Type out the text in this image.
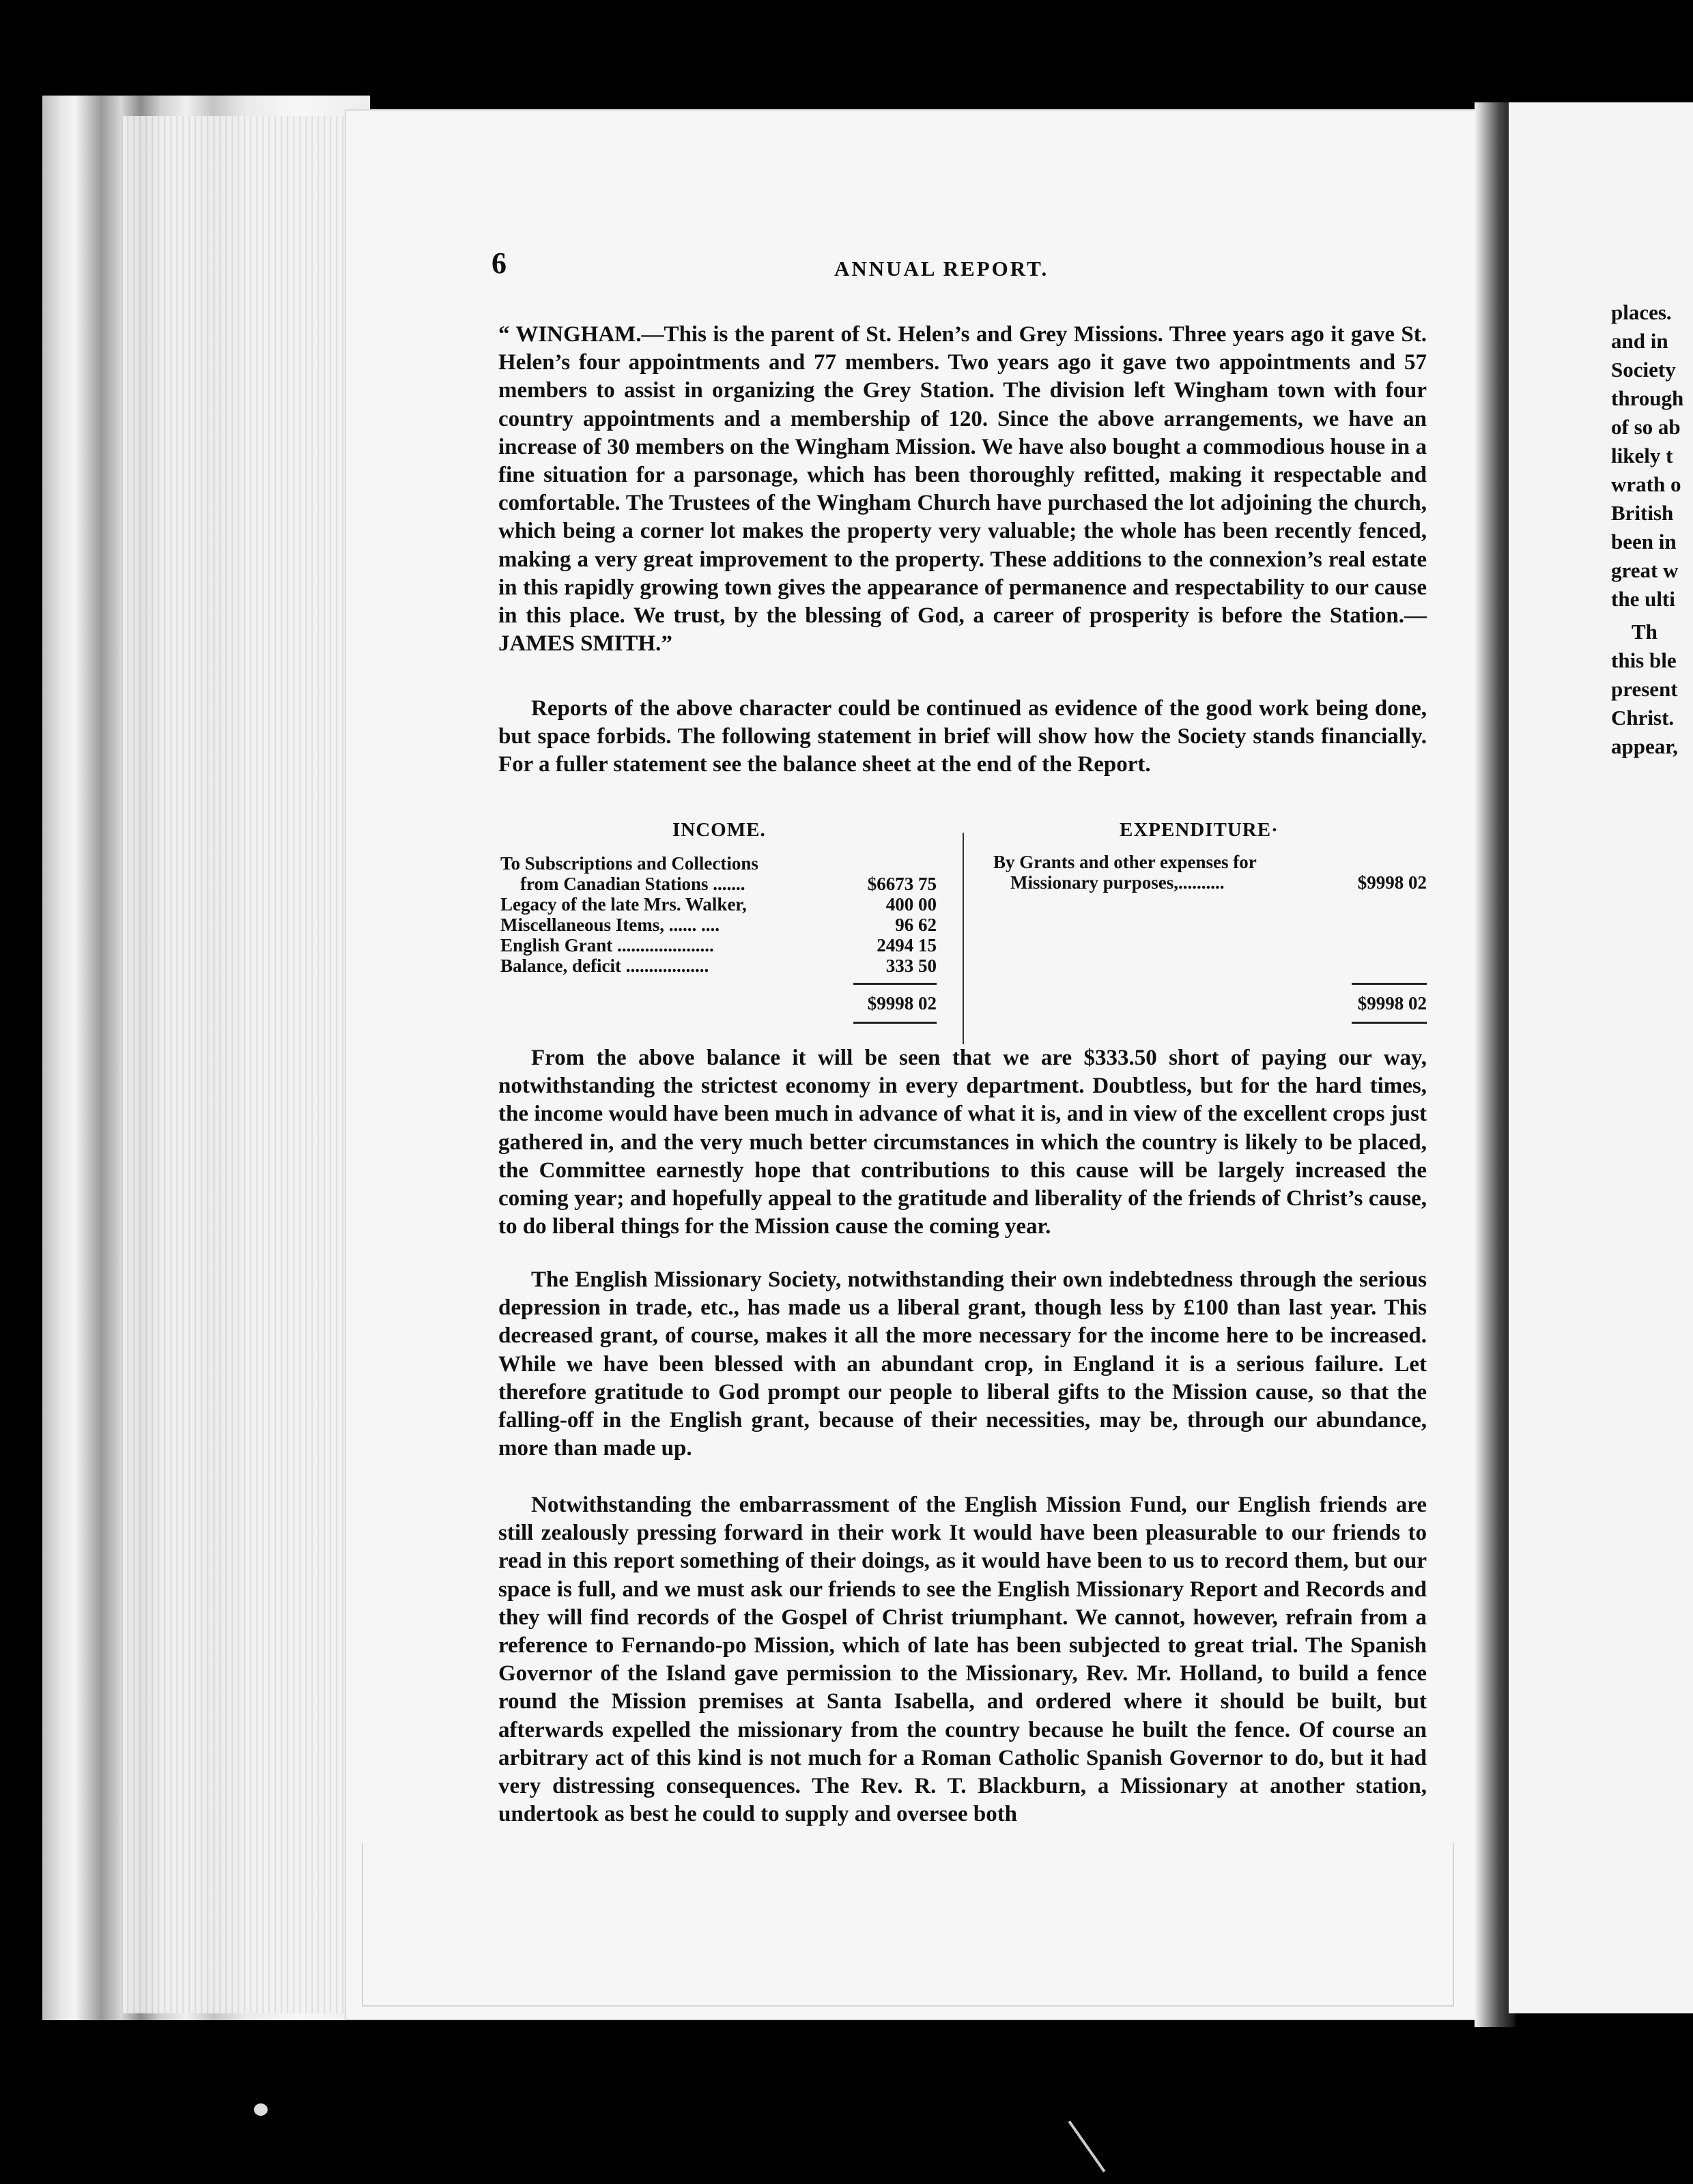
places.
and in
Society
through
of so ab
likely t
wrath o
British
been in
great w
the ulti
Th
this ble
present
Christ.
appear,
6	ANNUAL REPORT.
“ WINGHAM.—This is the parent of St. Helen’s and Grey Missions. Three years ago it gave St. Helen’s four appointments and 77 members. Two years ago it gave two appointments and 57 members to assist in organizing the Grey Station. The division left Wingham town with four country appointments and a membership of 120. Since the above arrangements, we have an increase of 30 members on the Wingham Mission. We have also bought a commodious house in a fine situation for a parsonage, which has been thoroughly refitted, making it respectable and comfortable. The Trustees of the Wingham Church have purchased the lot adjoining the church, which being a corner lot makes the property very valuable; the whole has been recently fenced, making a very great improvement to the property. These additions to the connexion’s real estate in this rapidly growing town gives the appearance of permanence and respectability to our cause in this place. We trust, by the blessing of God, a career of prosperity is before the Station.—JAMES SMITH.”
Reports of the above character could be continued as evidence of the good work being done, but space forbids. The following statement in brief will show how the Society stands financially. For a fuller statement see the balance sheet at the end of the Report.
INCOME.	EXPENDITURE·
To Subscriptions and Collections
from Canadian Stations .......	$6673 75
Legacy of the late Mrs. Walker,	400 00
Miscellaneous Items, ...... ....	96 62
English Grant .....................	2494 15
Balance, deficit ..................	333 50
$9998 02
By Grants and other expenses for
Missionary purposes,..........	$9998 02
$9998 02
From the above balance it will be seen that we are $333.50 short of paying our way, notwithstanding the strictest economy in every department. Doubtless, but for the hard times, the income would have been much in advance of what it is, and in view of the excellent crops just gathered in, and the very much better circumstances in which the country is likely to be placed, the Committee earnestly hope that contributions to this cause will be largely increased the coming year; and hopefully appeal to the gratitude and liberality of the friends of Christ’s cause, to do liberal things for the Mission cause the coming year.
The English Missionary Society, notwithstanding their own indebtedness through the serious depression in trade, etc., has made us a liberal grant, though less by £100 than last year. This decreased grant, of course, makes it all the more necessary for the income here to be increased. While we have been blessed with an abundant crop, in England it is a serious failure. Let therefore gratitude to God prompt our people to liberal gifts to the Mission cause, so that the falling-off in the English grant, because of their necessities, may be, through our abundance, more than made up.
Notwithstanding the embarrassment of the English Mission Fund, our English friends are still zealously pressing forward in their work It would have been pleasurable to our friends to read in this report something of their doings, as it would have been to us to record them, but our space is full, and we must ask our friends to see the English Missionary Report and Records and they will find records of the Gospel of Christ triumphant. We cannot, however, refrain from a reference to Fernando-po Mission, which of late has been subjected to great trial. The Spanish Governor of the Island gave permission to the Missionary, Rev. Mr. Holland, to build a fence round the Mission premises at Santa Isabella, and ordered where it should be built, but afterwards expelled the missionary from the country because he built the fence. Of course an arbitrary act of this kind is not much for a Roman Catholic Spanish Governor to do, but it had very distressing consequences. The Rev. R. T. Blackburn, a Missionary at another station, undertook as best he could to supply and oversee both
